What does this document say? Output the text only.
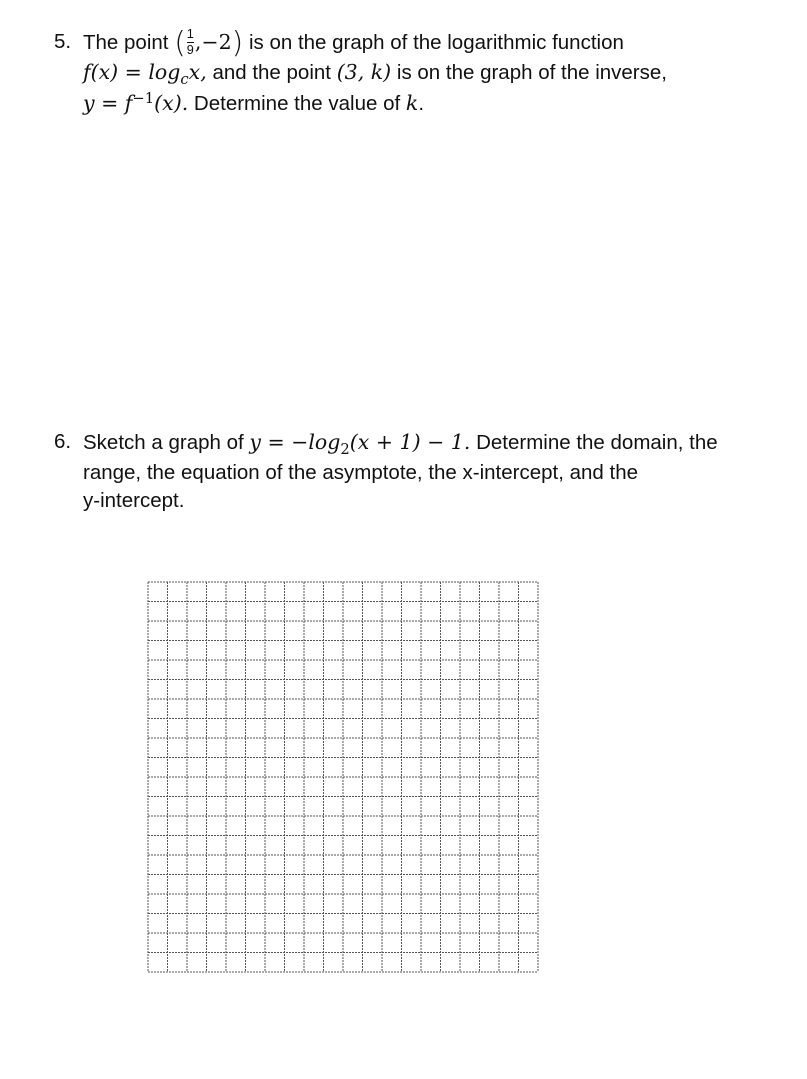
5. The point ( $\frac{1}{9} ,-2$) is on the graph of the logarithmic function
$f(x) = \log_cx$, and the point (3, k) is on the graph of the inverse,
$y = f^{-1}(x)$. Determine the value of k.
6. Sketch a graph of $y = -\log_2(x + 1) - 1$. Determine the domain, the
range, the equation of the asymptote, the x-intercept, and the
y-intercept.
